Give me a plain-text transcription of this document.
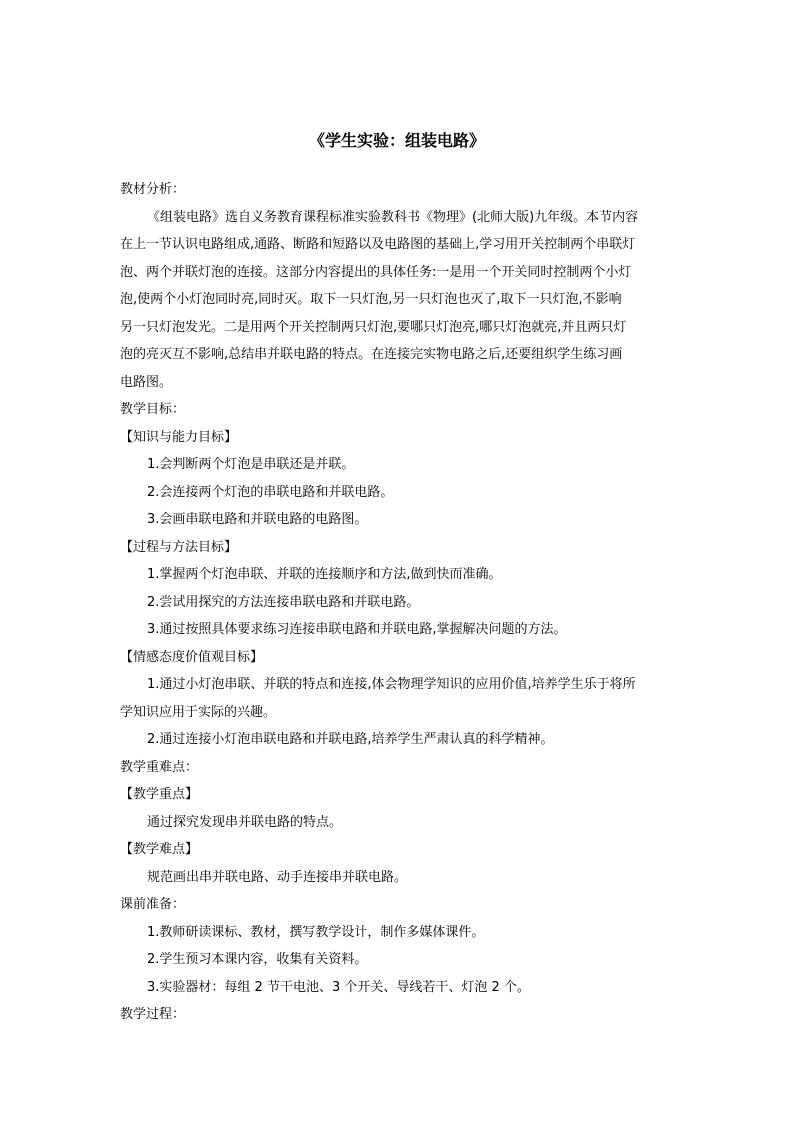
《学生实验：组装电路》
教材分析：
《组装电路》选自义务教育课程标准实验教科书《物理》(北师大版)九年级。本节内容
在上一节认识电路组成,通路、断路和短路以及电路图的基础上,学习用开关控制两个串联灯
泡、两个并联灯泡的连接。这部分内容提出的具体任务:一是用一个开关同时控制两个小灯
泡,使两个小灯泡同时亮,同时灭。取下一只灯泡,另一只灯泡也灭了,取下一只灯泡,不影响
另一只灯泡发光。二是用两个开关控制两只灯泡,要哪只灯泡亮,哪只灯泡就亮,并且两只灯
泡的亮灭互不影响,总结串并联电路的特点。在连接完实物电路之后,还要组织学生练习画
电路图。
教学目标：
【知识与能力目标】
1.会判断两个灯泡是串联还是并联。
2.会连接两个灯泡的串联电路和并联电路。
3.会画串联电路和并联电路的电路图。
【过程与方法目标】
1.掌握两个灯泡串联、并联的连接顺序和方法,做到快而准确。
2.尝试用探究的方法连接串联电路和并联电路。
3.通过按照具体要求练习连接串联电路和并联电路,掌握解决问题的方法。
【情感态度价值观目标】
1.通过小灯泡串联、并联的特点和连接,体会物理学知识的应用价值,培养学生乐于将所
学知识应用于实际的兴趣。
2.通过连接小灯泡串联电路和并联电路,培养学生严肃认真的科学精神。
教学重难点：
【教学重点】
通过探究发现串并联电路的特点。
【教学难点】
规范画出串并联电路、动手连接串并联电路。
课前准备：
1.教师研读课标、教材，撰写教学设计，制作多媒体课件。
2.学生预习本课内容，收集有关资料。
3.实验器材：每组 2 节干电池、3 个开关、导线若干、灯泡 2 个。
教学过程：
